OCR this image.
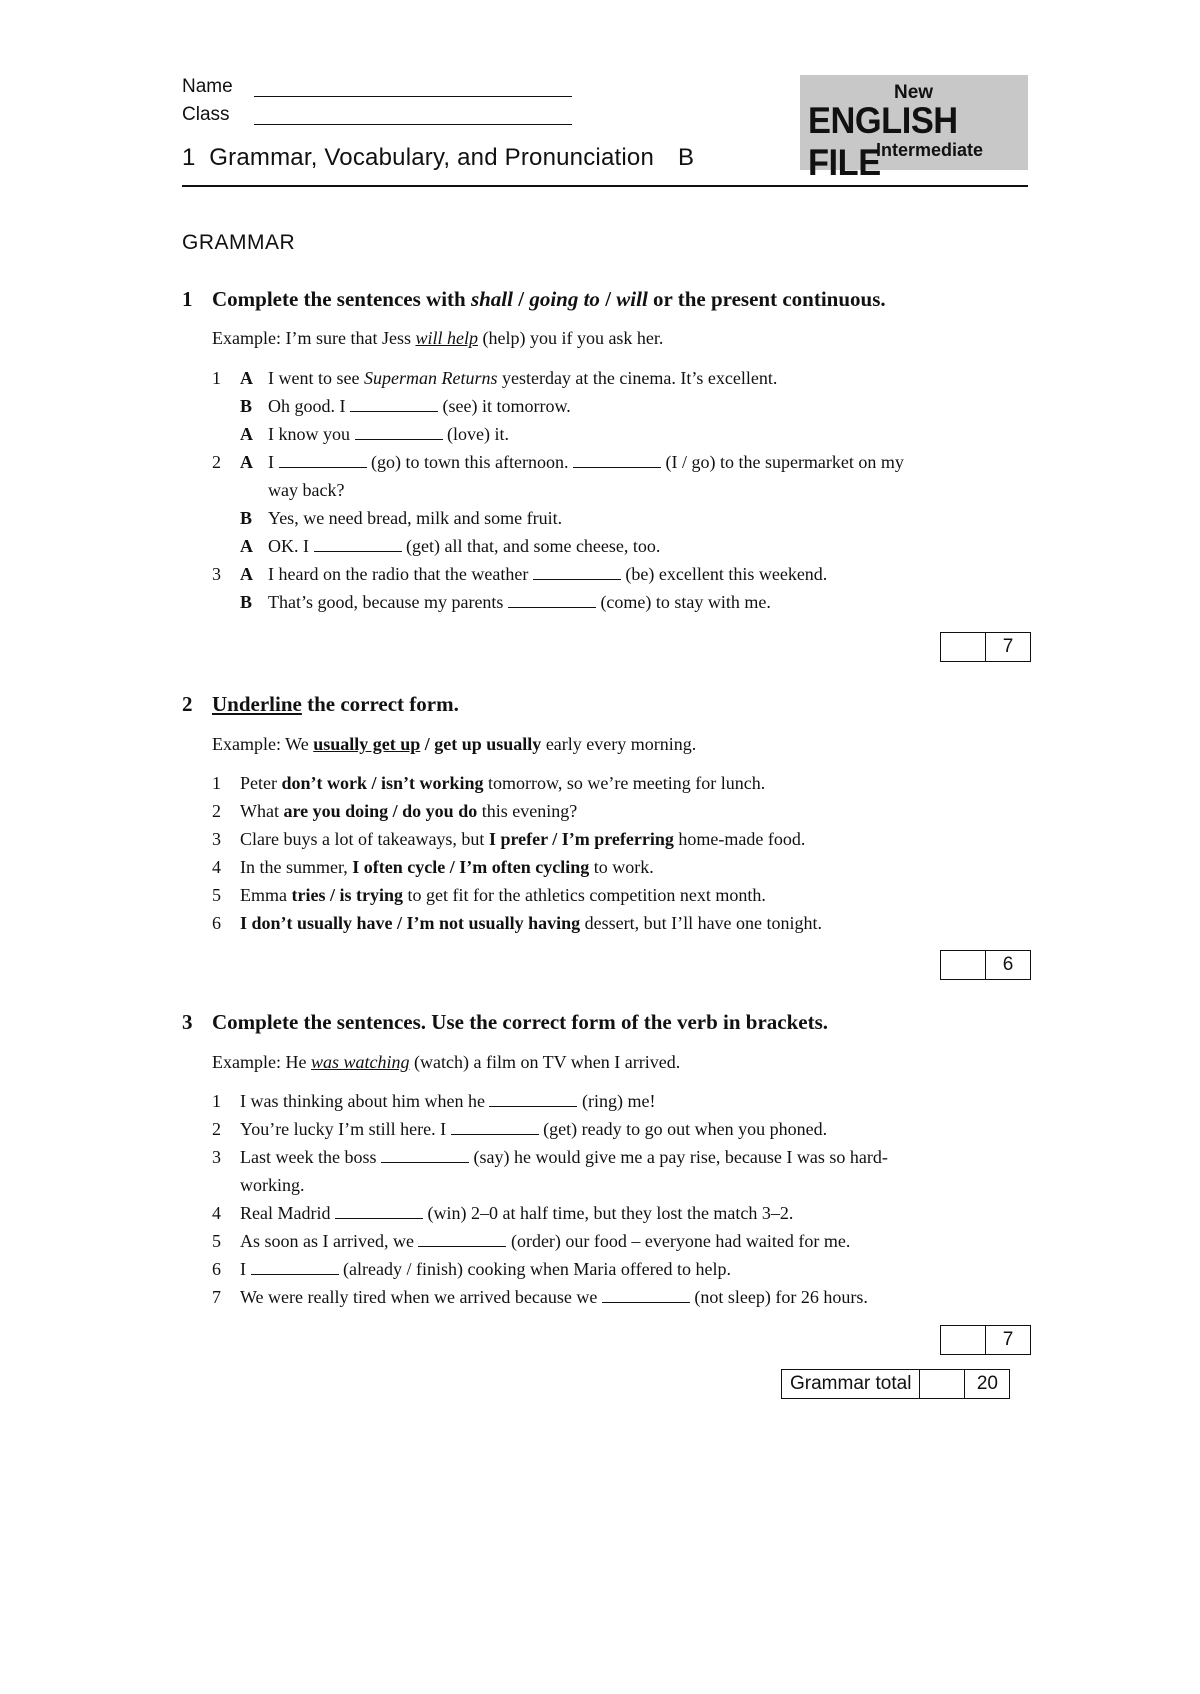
Name
Class
1  Grammar, Vocabulary, and Pronunciation B
New
ENGLISH FILE
Intermediate
GRAMMAR
1 Complete the sentences with shall / going to / will or the present continuous.
Example: I’m sure that Jess will help (help) you if you ask her.
1 A I went to see Superman Returns yesterday at the cinema. It’s excellent.
B Oh good. I	(see) it tomorrow.
A I know you	(love) it.
2 A I	(go) to town this afternoon.	(I / go) to the supermarket on my
way back?
B Yes, we need bread, milk and some fruit.
A OK. I	(get) all that, and some cheese, too.
3 A I heard on the radio that the weather	(be) excellent this weekend.
B That’s good, because my parents	(come) to stay with me.
7
2 Underline the correct form.
Example: We usually get up / get up usually early every morning.
1 Peter don’t work / isn’t working tomorrow, so we’re meeting for lunch.
2 What are you doing / do you do this evening?
3 Clare buys a lot of takeaways, but I prefer / I’m preferring home-made food.
4 In the summer, I often cycle / I’m often cycling to work.
5 Emma tries / is trying to get fit for the athletics competition next month.
6 I don’t usually have / I’m not usually having dessert, but I’ll have one tonight.
6
3 Complete the sentences. Use the correct form of the verb in brackets.
Example: He was watching (watch) a film on TV when I arrived.
1 I was thinking about him when he	(ring) me!
2 You’re lucky I’m still here. I	(get) ready to go out when you phoned.
3 Last week the boss	(say) he would give me a pay rise, because I was so hard-
working.
4 Real Madrid	(win) 2–0 at half time, but they lost the match 3–2.
5 As soon as I arrived, we	(order) our food – everyone had waited for me.
6 I	(already / finish) cooking when Maria offered to help.
7 We were really tired when we arrived because we	(not sleep) for 26 hours.
7
Grammar total	20
